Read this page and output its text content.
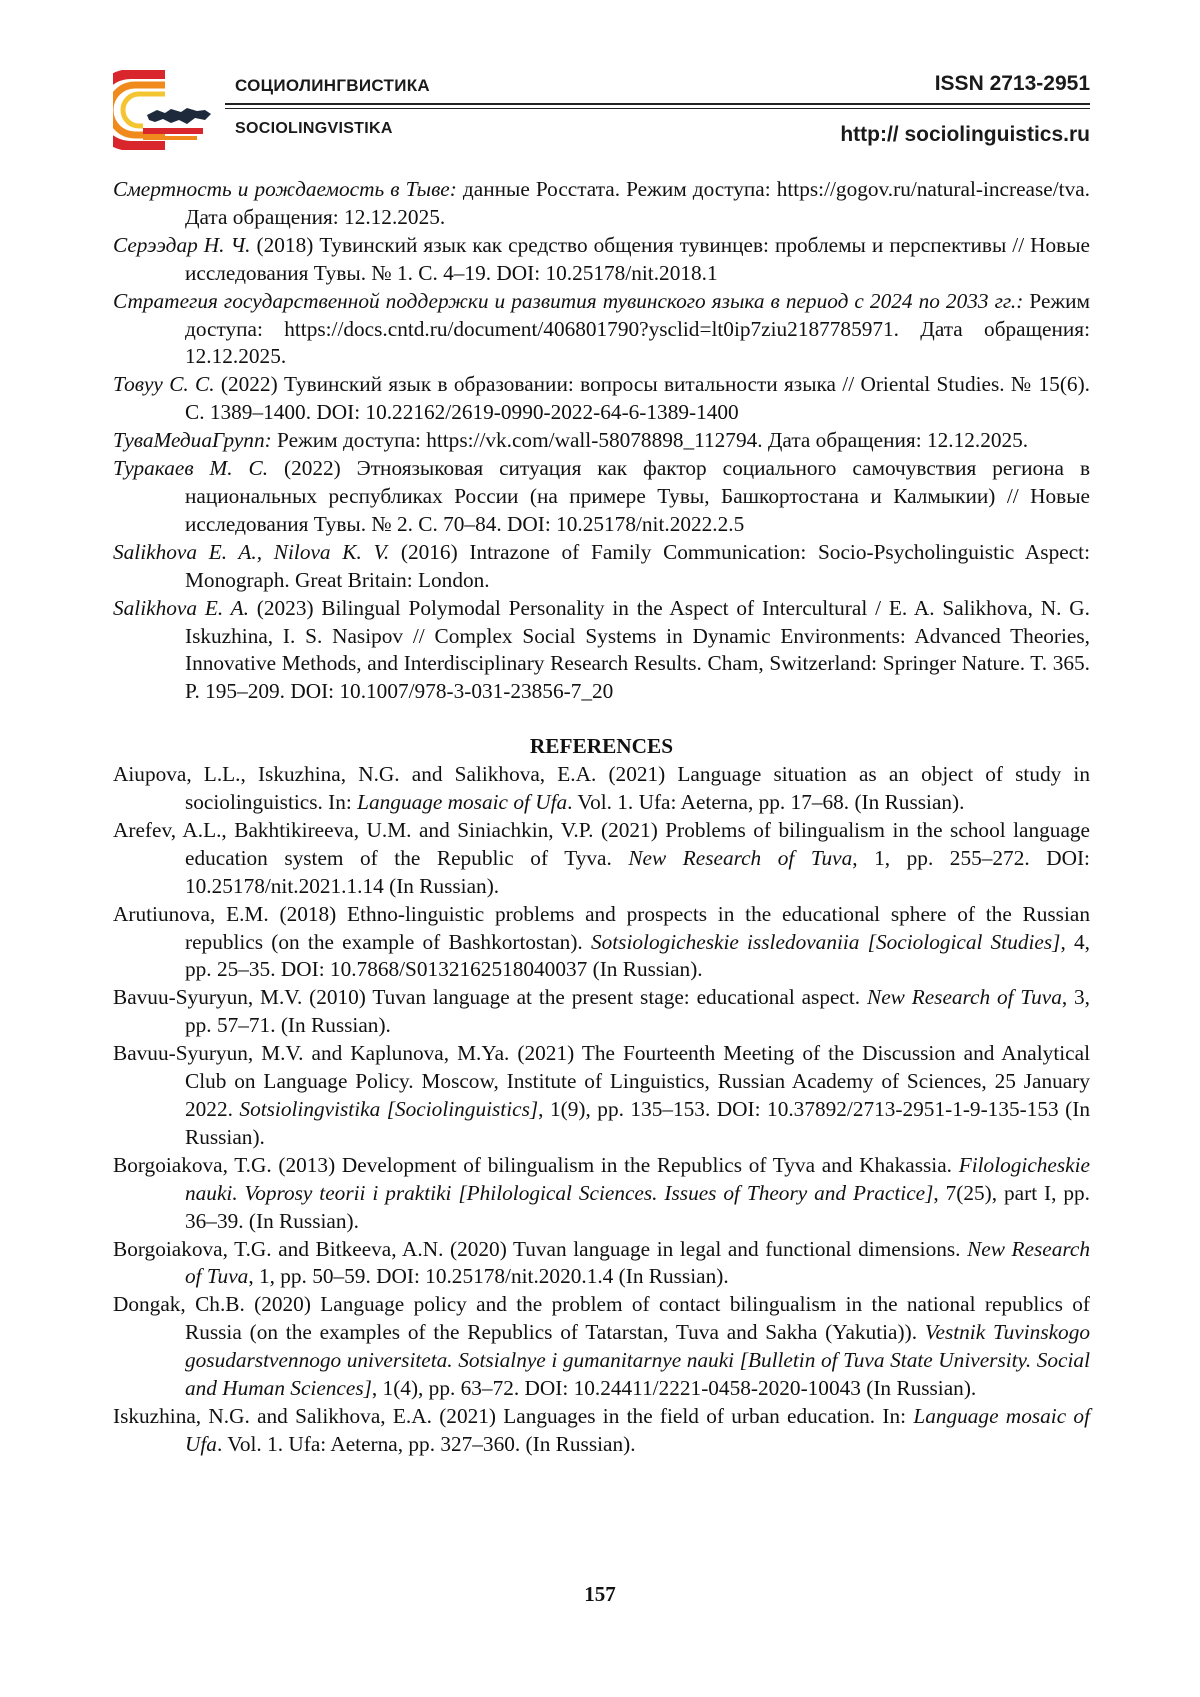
СОЦИОЛИНГВИСТИКА
SOCIOLINGVISTIKA
ISSN 2713-2951
http:// sociolinguistics.ru

Смертность и рождаемость в Тыве: данные Росстата. Режим доступа: https://gogov.ru/natural-increase/tva. Дата обращения: 12.12.2025.

Серээдар Н. Ч. (2018) Тувинский язык как средство общения тувинцев: проблемы и перспективы // Новые исследования Тувы. № 1. С. 4–19. DOI: 10.25178/nit.2018.1

Стратегия государственной поддержки и развития тувинского языка в период с 2024 по 2033 гг.: Режим доступа: https://docs.cntd.ru/document/406801790?ysclid=lt0ip7ziu2187785971. Дата обращения: 12.12.2025.

Товуу С. С. (2022) Тувинский язык в образовании: вопросы витальности языка // Oriental Studies. № 15(6). С. 1389–1400. DOI: 10.22162/2619-0990-2022-64-6-1389-1400

ТуваМедиаГрупп: Режим доступа: https://vk.com/wall-58078898_112794. Дата обращения: 12.12.2025.

Туракаев М. С. (2022) Этноязыковая ситуация как фактор социального самочувствия региона в национальных республиках России (на примере Тувы, Башкортостана и Калмыкии) // Новые исследования Тувы. № 2. С. 70–84. DOI: 10.25178/nit.2022.2.5

Salikhova E. A., Nilova K. V. (2016) Intrazone of Family Communication: Socio-Psycholinguistic Aspect: Monograph. Great Britain: London.

Salikhova E. A. (2023) Bilingual Polymodal Personality in the Aspect of Intercultural / E. A. Salikhova, N. G. Iskuzhina, I. S. Nasipov // Complex Social Systems in Dynamic Environments: Advanced Theories, Innovative Methods, and Interdisciplinary Research Results. Cham, Switzerland: Springer Nature. T. 365. P. 195–209. DOI: 10.1007/978-3-031-23856-7_20

REFERENCES

Aiupova, L.L., Iskuzhina, N.G. and Salikhova, E.A. (2021) Language situation as an object of study in sociolinguistics. In: Language mosaic of Ufa. Vol. 1. Ufa: Aeterna, pp. 17–68. (In Russian).

Arefev, A.L., Bakhtikireeva, U.M. and Siniachkin, V.P. (2021) Problems of bilingualism in the school language education system of the Republic of Tyva. New Research of Tuva, 1, pp. 255–272. DOI: 10.25178/nit.2021.1.14 (In Russian).

Arutiunova, E.M. (2018) Ethno-linguistic problems and prospects in the educational sphere of the Russian republics (on the example of Bashkortostan). Sotsiologicheskie issledovaniia [Sociological Studies], 4, pp. 25–35. DOI: 10.7868/S0132162518040037 (In Russian).

Bavuu-Syuryun, M.V. (2010) Tuvan language at the present stage: educational aspect. New Research of Tuva, 3, pp. 57–71. (In Russian).

Bavuu-Syuryun, M.V. and Kaplunova, M.Ya. (2021) The Fourteenth Meeting of the Discussion and Analytical Club on Language Policy. Moscow, Institute of Linguistics, Russian Academy of Sciences, 25 January 2022. Sotsiolingvistika [Sociolinguistics], 1(9), pp. 135–153. DOI: 10.37892/2713-2951-1-9-135-153 (In Russian).

Borgoiakova, T.G. (2013) Development of bilingualism in the Republics of Tyva and Khakassia. Filologicheskie nauki. Voprosy teorii i praktiki [Philological Sciences. Issues of Theory and Practice], 7(25), part I, pp. 36–39. (In Russian).

Borgoiakova, T.G. and Bitkeeva, A.N. (2020) Tuvan language in legal and functional dimensions. New Research of Tuva, 1, pp. 50–59. DOI: 10.25178/nit.2020.1.4 (In Russian).

Dongak, Ch.B. (2020) Language policy and the problem of contact bilingualism in the national republics of Russia (on the examples of the Republics of Tatarstan, Tuva and Sakha (Yakutia)). Vestnik Tuvinskogo gosudarstvennogo universiteta. Sotsialnye i gumanitarnye nauki [Bulletin of Tuva State University. Social and Human Sciences], 1(4), pp. 63–72. DOI: 10.24411/2221-0458-2020-10043 (In Russian).

Iskuzhina, N.G. and Salikhova, E.A. (2021) Languages in the field of urban education. In: Language mosaic of Ufa. Vol. 1. Ufa: Aeterna, pp. 327–360. (In Russian).

157
